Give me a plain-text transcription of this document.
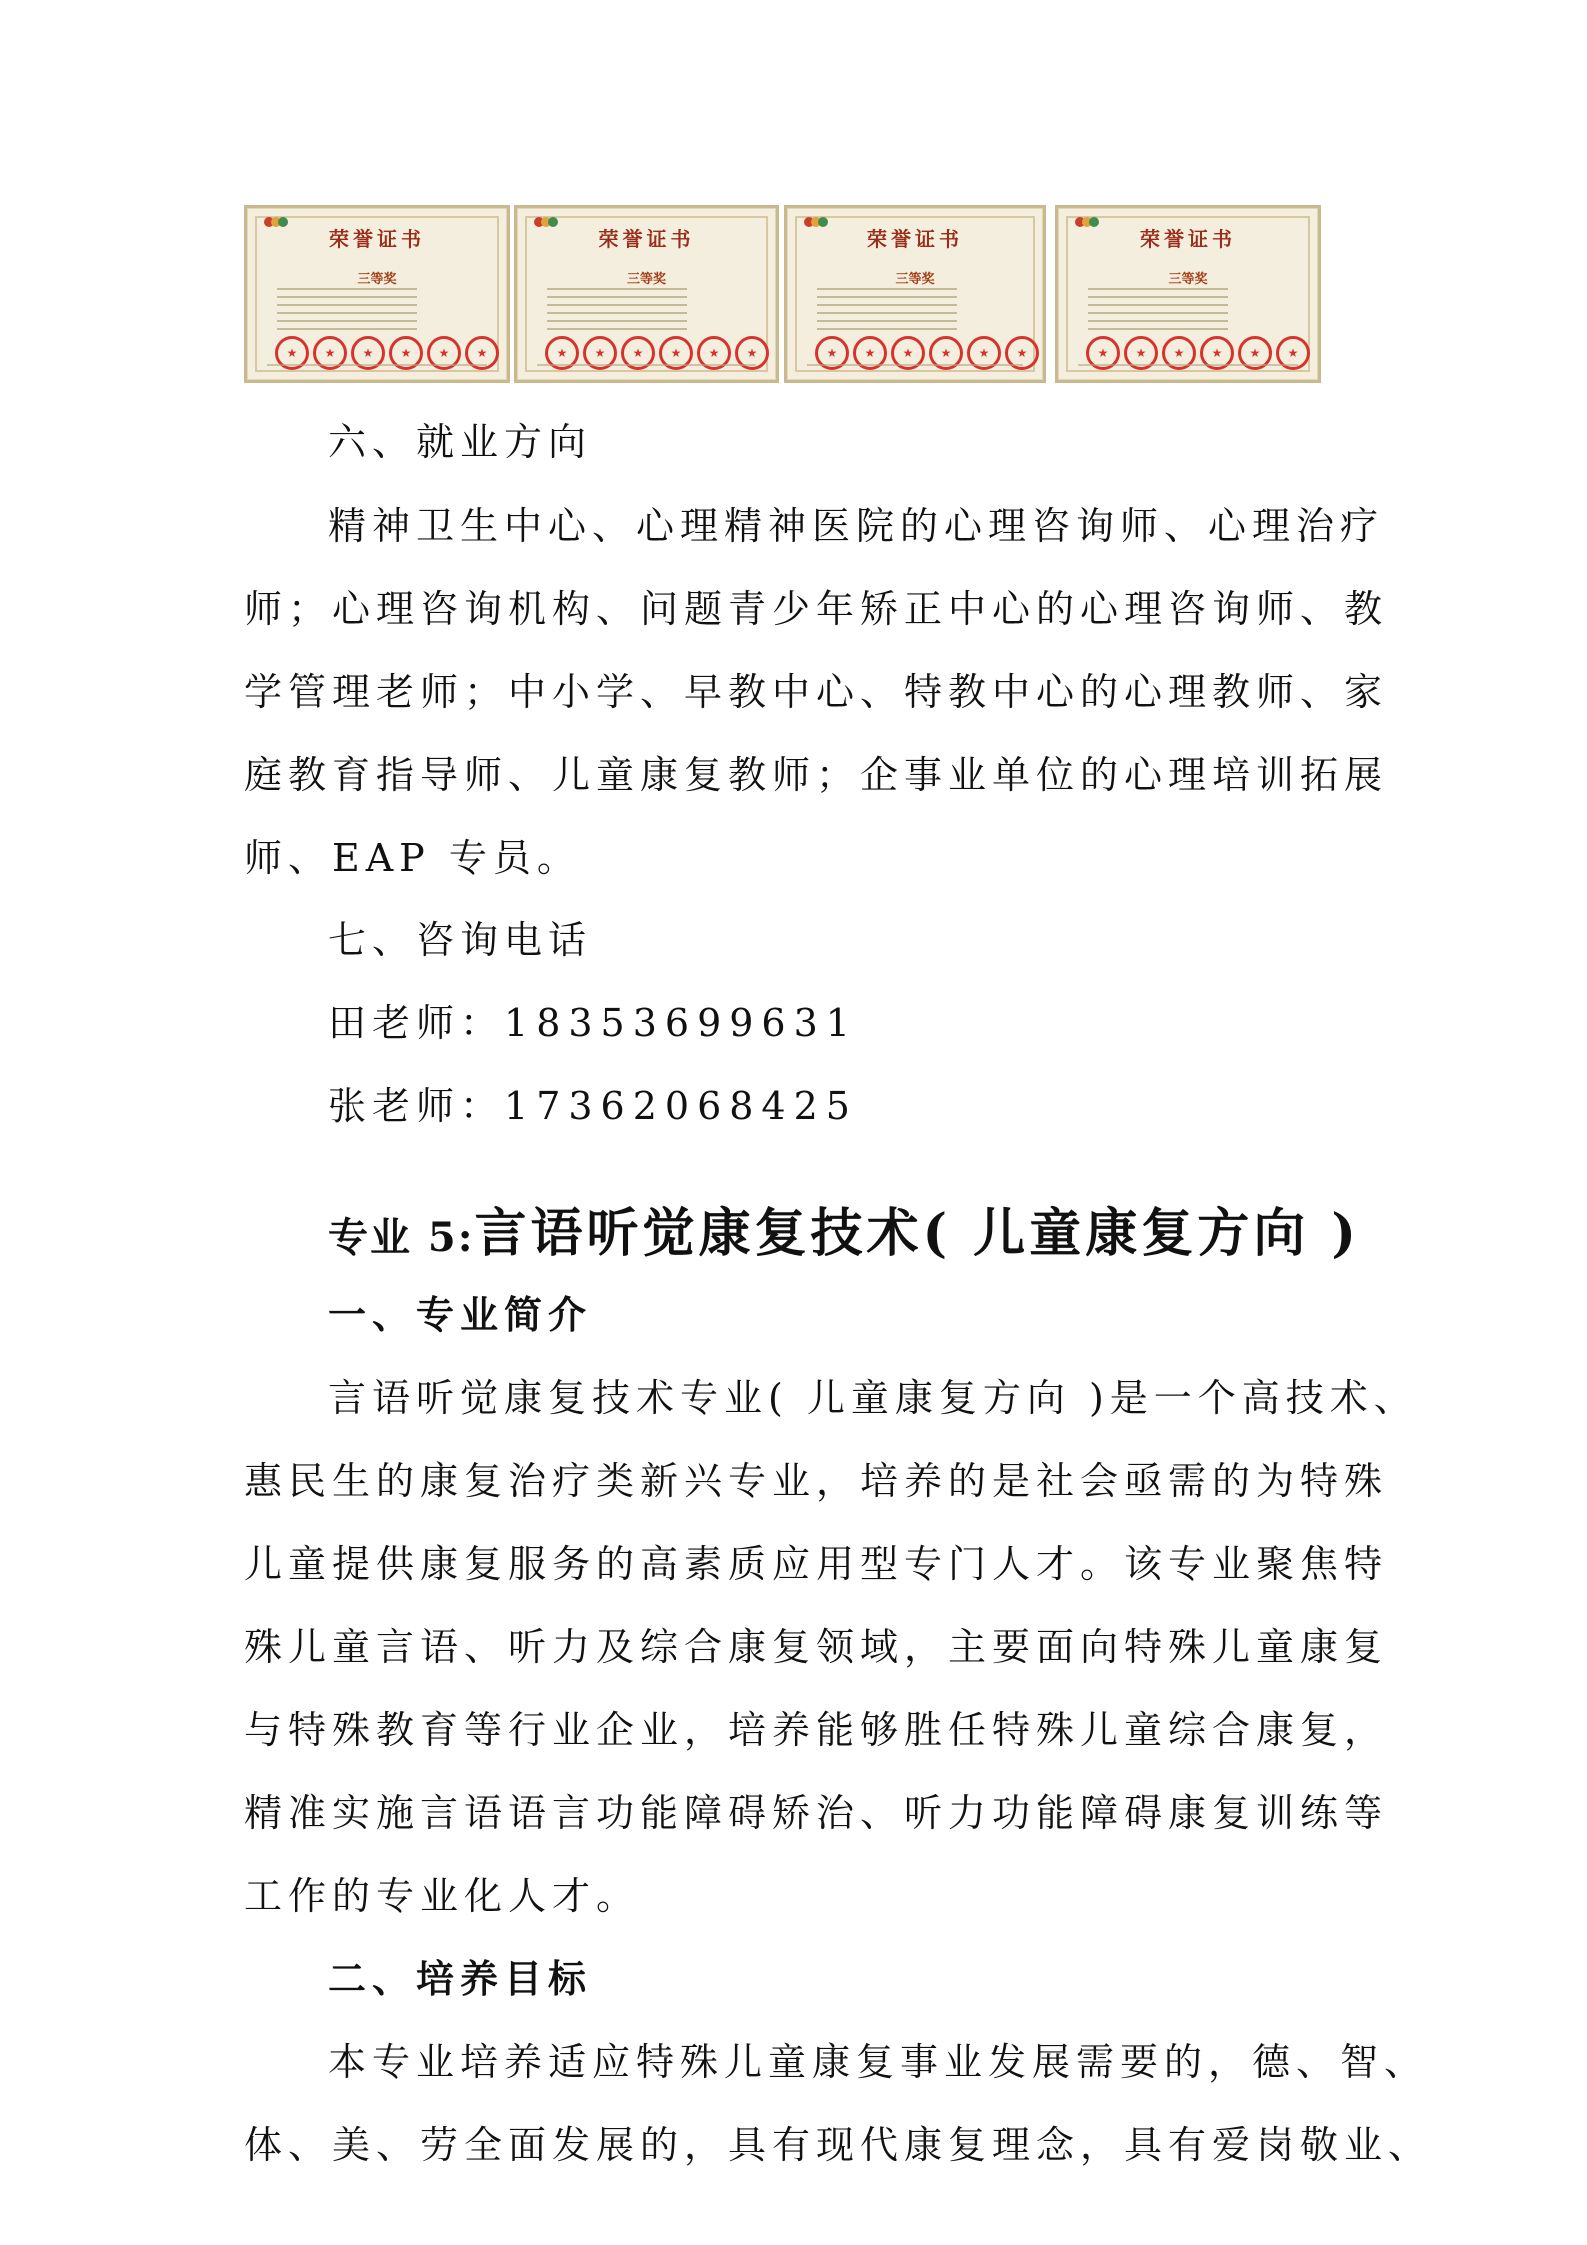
荣誉证书
三等奖
★
★
★
★
★
★
荣誉证书
三等奖
★
★
★
★
★
★
荣誉证书
三等奖
★
★
★
★
★
★
荣誉证书
三等奖
★
★
★
★
★
★
六、就业方向
精神卫生中心、心理精神医院的心理咨询师、心理治疗
师；心理咨询机构、问题青少年矫正中心的心理咨询师、教
学管理老师；中小学、早教中心、特教中心的心理教师、家
庭教育指导师、儿童康复教师；企事业单位的心理培训拓展
师、EAP 专员。
七、咨询电话
田老师：18353699631
张老师：17362068425
专业 5:言语听觉康复技术( 儿童康复方向 )
一、专业简介
言语听觉康复技术专业( 儿童康复方向 )是一个高技术、
惠民生的康复治疗类新兴专业，培养的是社会亟需的为特殊
儿童提供康复服务的高素质应用型专门人才。该专业聚焦特
殊儿童言语、听力及综合康复领域，主要面向特殊儿童康复
与特殊教育等行业企业，培养能够胜任特殊儿童综合康复，
精准实施言语语言功能障碍矫治、听力功能障碍康复训练等
工作的专业化人才。
二、培养目标
本专业培养适应特殊儿童康复事业发展需要的，德、智、
体、美、劳全面发展的，具有现代康复理念，具有爱岗敬业、
